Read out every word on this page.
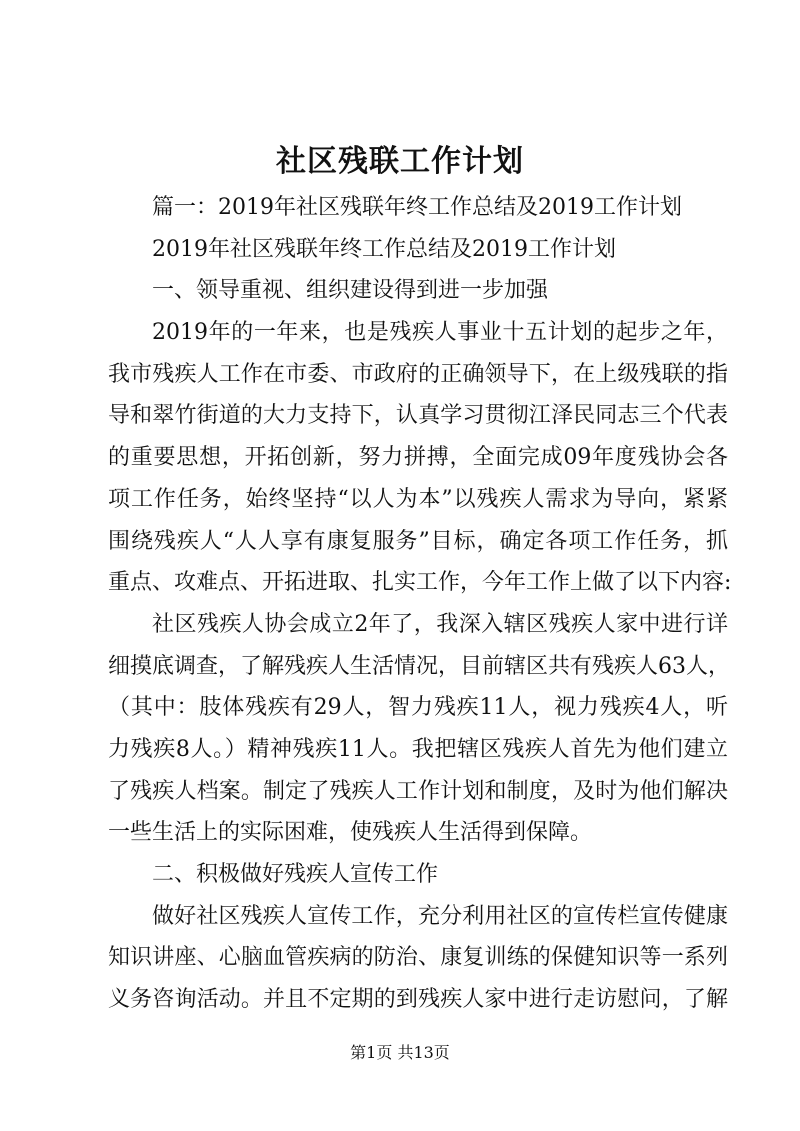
社区残联工作计划

篇一：2019年社区残联年终工作总结及2019工作计划

2019年社区残联年终工作总结及2019工作计划

一、领导重视、组织建设得到进一步加强

2019年的一年来，也是残疾人事业十五计划的起步之年，

我市残疾人工作在市委、市政府的正确领导下，在上级残联的指

导和翠竹街道的大力支持下，认真学习贯彻江泽民同志三个代表

的重要思想，开拓创新，努力拼搏，全面完成09年度残协会各

项工作任务，始终坚持“以人为本”以残疾人需求为导向，紧紧

围绕残疾人“人人享有康复服务”目标，确定各项工作任务，抓

重点、攻难点、开拓进取、扎实工作，今年工作上做了以下内容:

社区残疾人协会成立2年了，我深入辖区残疾人家中进行详

细摸底调查，了解残疾人生活情况，目前辖区共有残疾人63人，

（其中：肢体残疾有29人，智力残疾11人，视力残疾4人，听

力残疾8人。）精神残疾11人。我把辖区残疾人首先为他们建立

了残疾人档案。制定了残疾人工作计划和制度，及时为他们解决

一些生活上的实际困难，使残疾人生活得到保障。

二、积极做好残疾人宣传工作

做好社区残疾人宣传工作，充分利用社区的宣传栏宣传健康

知识讲座、心脑血管疾病的防治、康复训练的保健知识等一系列

义务咨询活动。并且不定期的到残疾人家中进行走访慰问，了解

第1页 共13页
